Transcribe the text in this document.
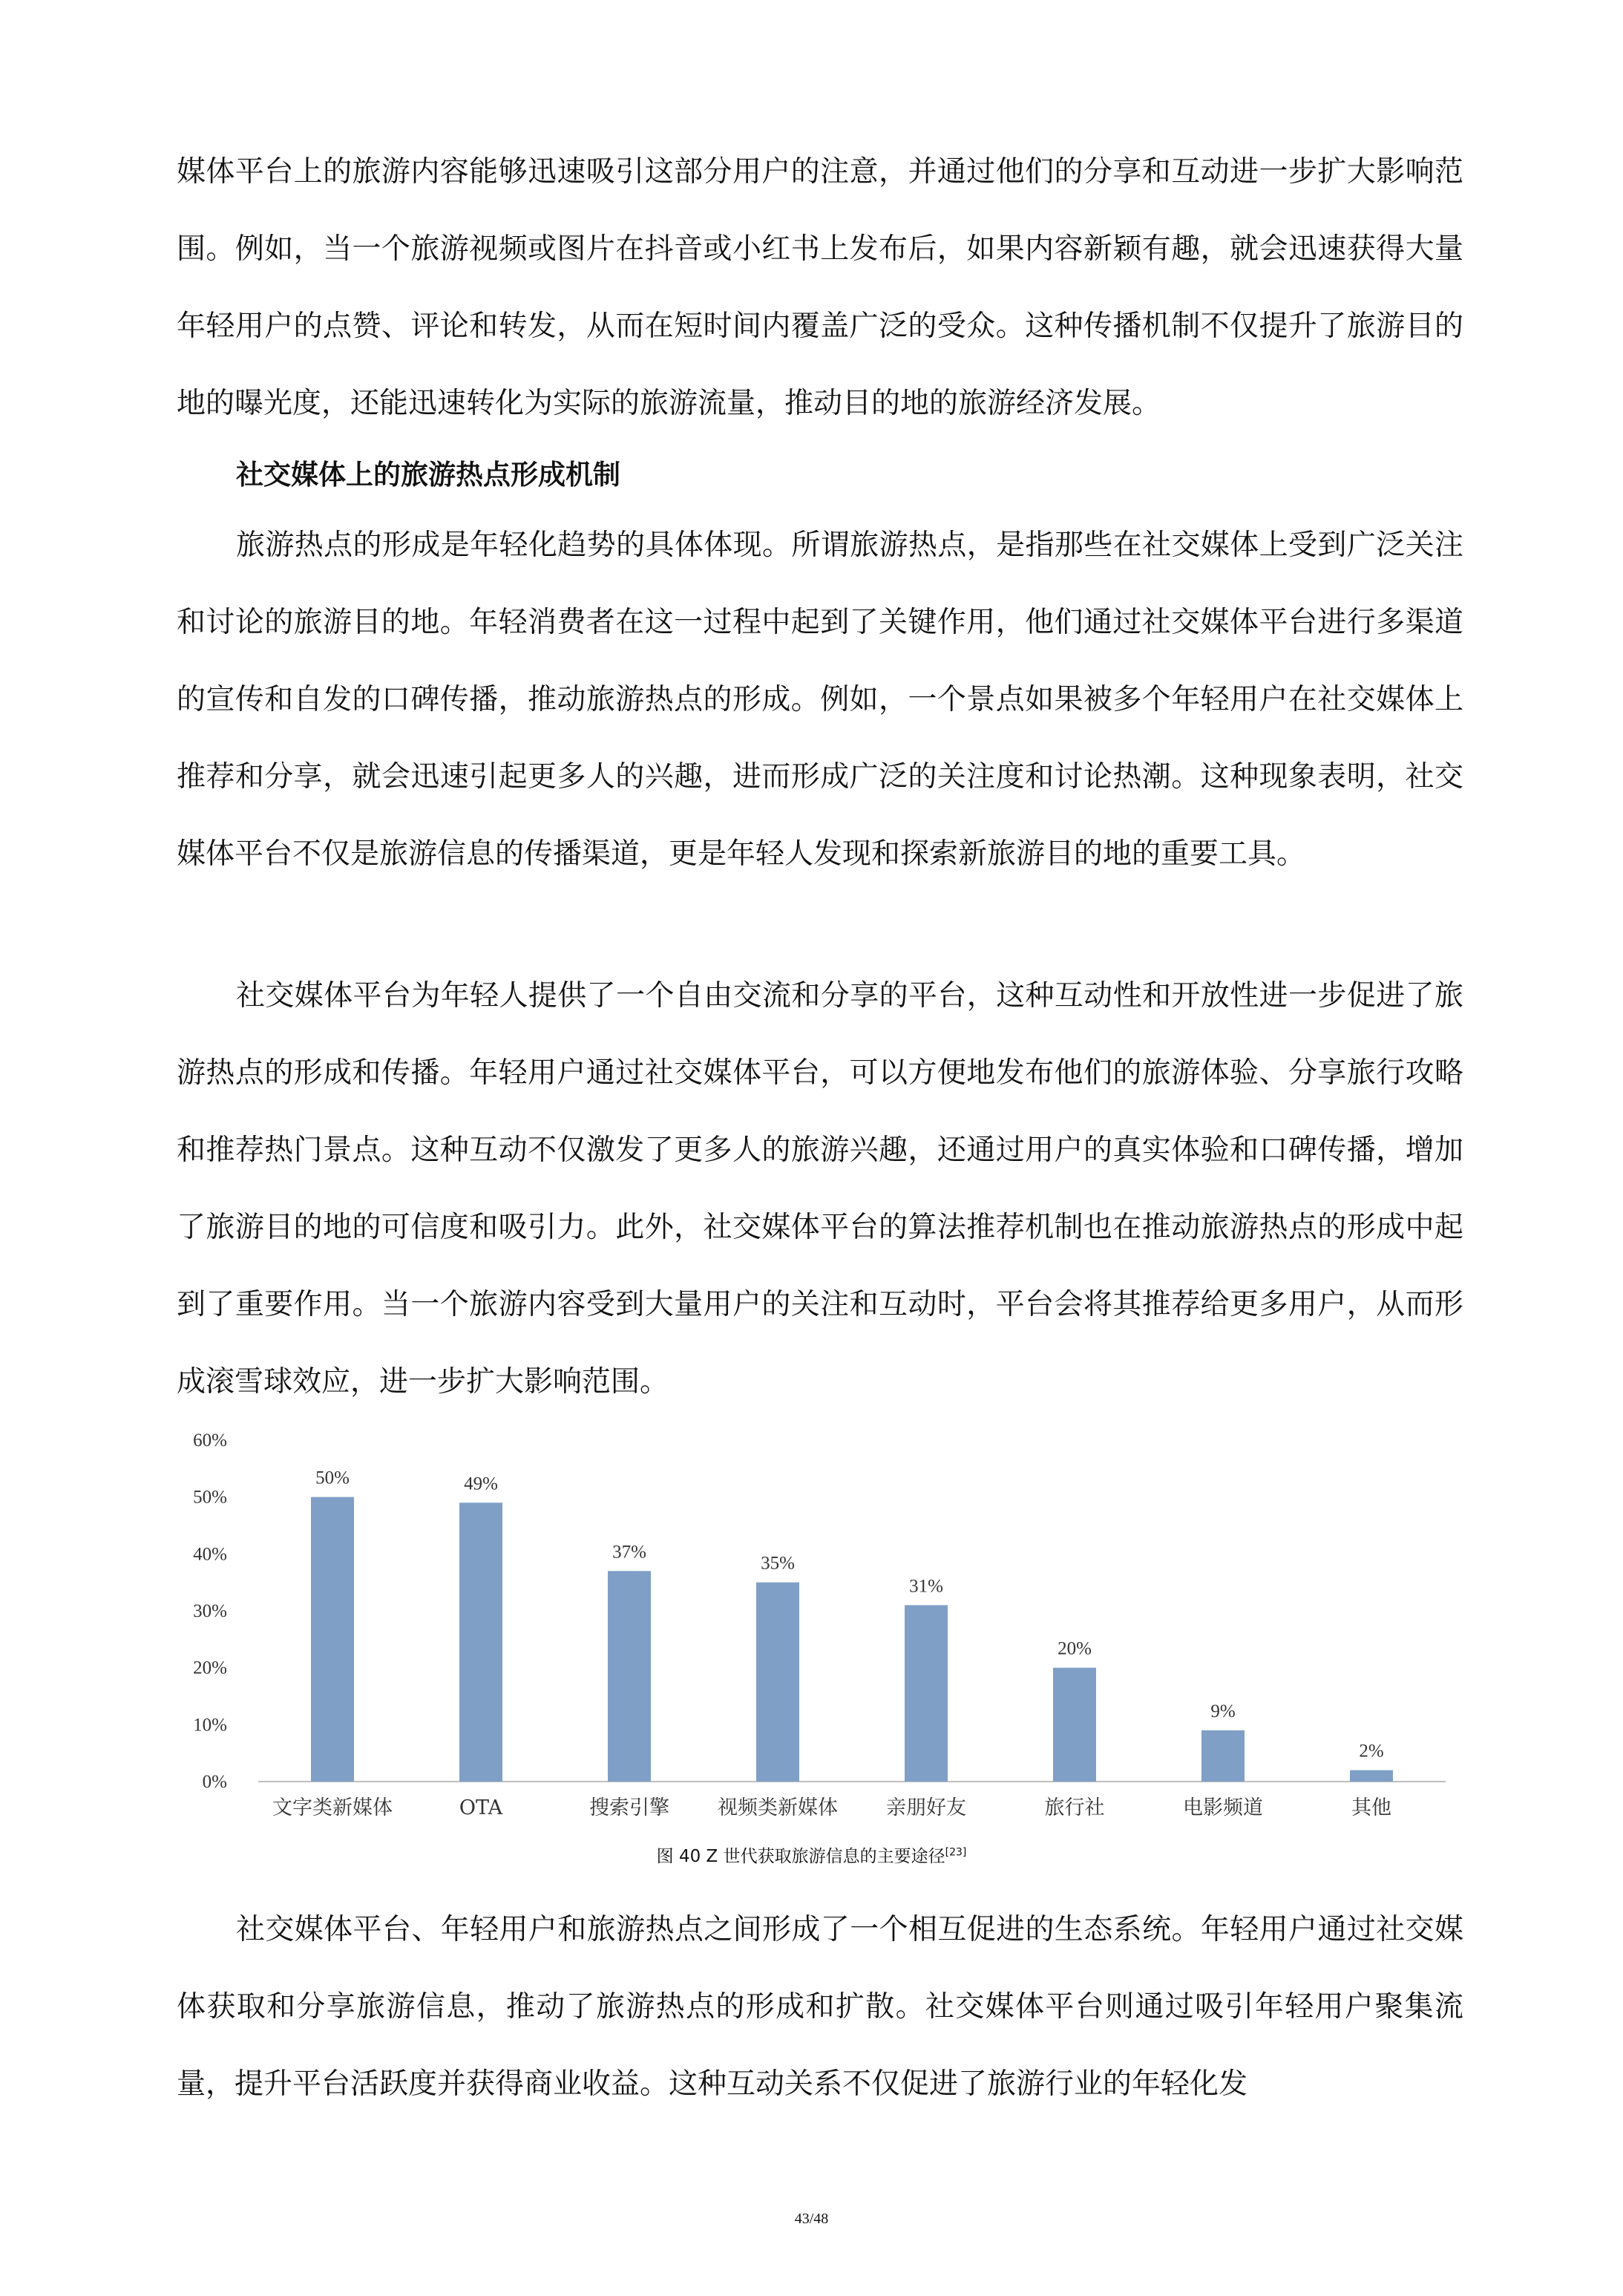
媒体平台上的旅游内容能够迅速吸引这部分用户的注意，并通过他们的分享和互动进一步扩大影响范围。例如，当一个旅游视频或图片在抖音或小红书上发布后，如果内容新颖有趣，就会迅速获得大量年轻用户的点赞、评论和转发，从而在短时间内覆盖广泛的受众。这种传播机制不仅提升了旅游目的地的曝光度，还能迅速转化为实际的旅游流量，推动目的地的旅游经济发展。

社交媒体上的旅游热点形成机制

旅游热点的形成是年轻化趋势的具体体现。所谓旅游热点，是指那些在社交媒体上受到广泛关注和讨论的旅游目的地。年轻消费者在这一过程中起到了关键作用，他们通过社交媒体平台进行多渠道的宣传和自发的口碑传播，推动旅游热点的形成。例如，一个景点如果被多个年轻用户在社交媒体上推荐和分享，就会迅速引起更多人的兴趣，进而形成广泛的关注度和讨论热潮。这种现象表明，社交媒体平台不仅是旅游信息的传播渠道，更是年轻人发现和探索新旅游目的地的重要工具。

社交媒体平台为年轻人提供了一个自由交流和分享的平台，这种互动性和开放性进一步促进了旅游热点的形成和传播。年轻用户通过社交媒体平台，可以方便地发布他们的旅游体验、分享旅行攻略和推荐热门景点。这种互动不仅激发了更多人的旅游兴趣，还通过用户的真实体验和口碑传播，增加了旅游目的地的可信度和吸引力。此外，社交媒体平台的算法推荐机制也在推动旅游热点的形成中起到了重要作用。当一个旅游内容受到大量用户的关注和互动时，平台会将其推荐给更多用户，从而形成滚雪球效应，进一步扩大影响范围。

0%
10%
20%
30%
40%
50%
60%
50%
文字类新媒体
49%
OTA
37%
搜索引擎
35%
视频类新媒体
31%
亲朋好友
20%
旅行社
9%
电影频道
2%
其他
图 40 Z 世代获取旅游信息的主要途径[23]

社交媒体平台、年轻用户和旅游热点之间形成了一个相互促进的生态系统。年轻用户通过社交媒体获取和分享旅游信息，推动了旅游热点的形成和扩散。社交媒体平台则通过吸引年轻用户聚集流量，提升平台活跃度并获得商业收益。这种互动关系不仅促进了旅游行业的年轻化发

43/48
